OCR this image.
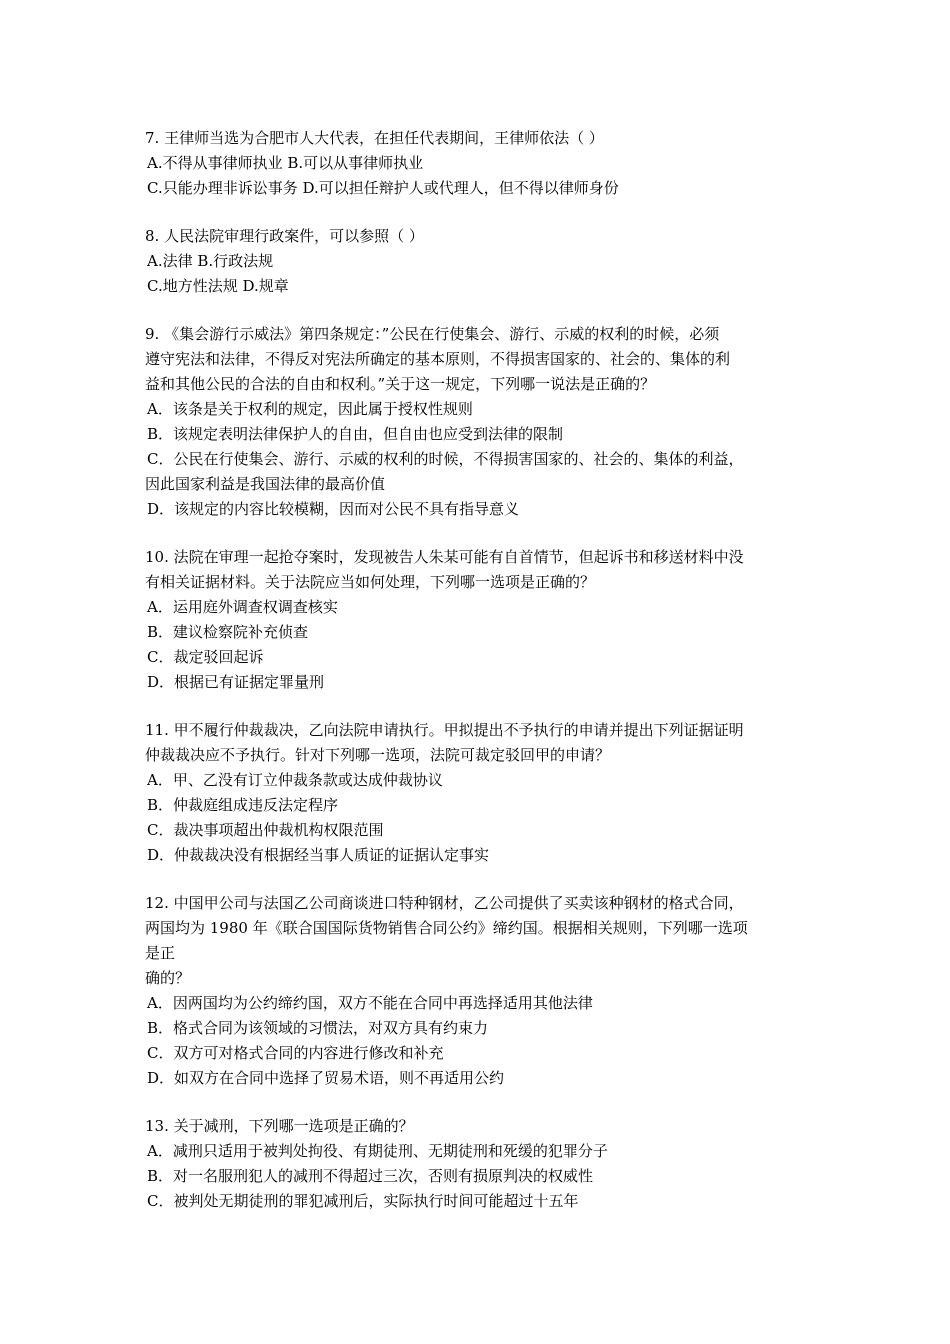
7. 王律师当选为合肥市人大代表，在担任代表期间，王律师依法（ ）
A.不得从事律师执业 B.可以从事律师执业
C.只能办理非诉讼事务 D.可以担任辩护人或代理人，但不得以律师身份
8. 人民法院审理行政案件，可以参照（ ）
A.法律 B.行政法规
C.地方性法规 D.规章
9. 《集会游行示威法》第四条规定：”公民在行使集会、游行、示威的权利的时候，必须
遵守宪法和法律，不得反对宪法所确定的基本原则，不得损害国家的、社会的、集体的利
益和其他公民的合法的自由和权利。”关于这一规定，下列哪一说法是正确的？
A．该条是关于权利的规定，因此属于授权性规则
B．该规定表明法律保护人的自由，但自由也应受到法律的限制
C．公民在行使集会、游行、示威的权利的时候，不得损害国家的、社会的、集体的利益，
因此国家利益是我国法律的最高价值
D．该规定的内容比较模糊，因而对公民不具有指导意义
10. 法院在审理一起抢夺案时，发现被告人朱某可能有自首情节，但起诉书和移送材料中没
有相关证据材料。关于法院应当如何处理，下列哪一选项是正确的？
A．运用庭外调查权调查核实
B．建议检察院补充侦查
C．裁定驳回起诉
D．根据已有证据定罪量刑
11. 甲不履行仲裁裁决，乙向法院申请执行。甲拟提出不予执行的申请并提出下列证据证明
仲裁裁决应不予执行。针对下列哪一选项，法院可裁定驳回甲的申请？
A．甲、乙没有订立仲裁条款或达成仲裁协议
B．仲裁庭组成违反法定程序
C．裁决事项超出仲裁机构权限范围
D．仲裁裁决没有根据经当事人质证的证据认定事实
12. 中国甲公司与法国乙公司商谈进口特种钢材，乙公司提供了买卖该种钢材的格式合同，
两国均为 1980 年《联合国国际货物销售合同公约》缔约国。根据相关规则，下列哪一选项
是正
确的？
A．因两国均为公约缔约国，双方不能在合同中再选择适用其他法律
B．格式合同为该领域的习惯法，对双方具有约束力
C．双方可对格式合同的内容进行修改和补充
D．如双方在合同中选择了贸易术语，则不再适用公约
13. 关于减刑，下列哪一选项是正确的？
A．减刑只适用于被判处拘役、有期徒刑、无期徒刑和死缓的犯罪分子
B．对一名服刑犯人的减刑不得超过三次，否则有损原判决的权威性
C．被判处无期徒刑的罪犯减刑后，实际执行时间可能超过十五年
